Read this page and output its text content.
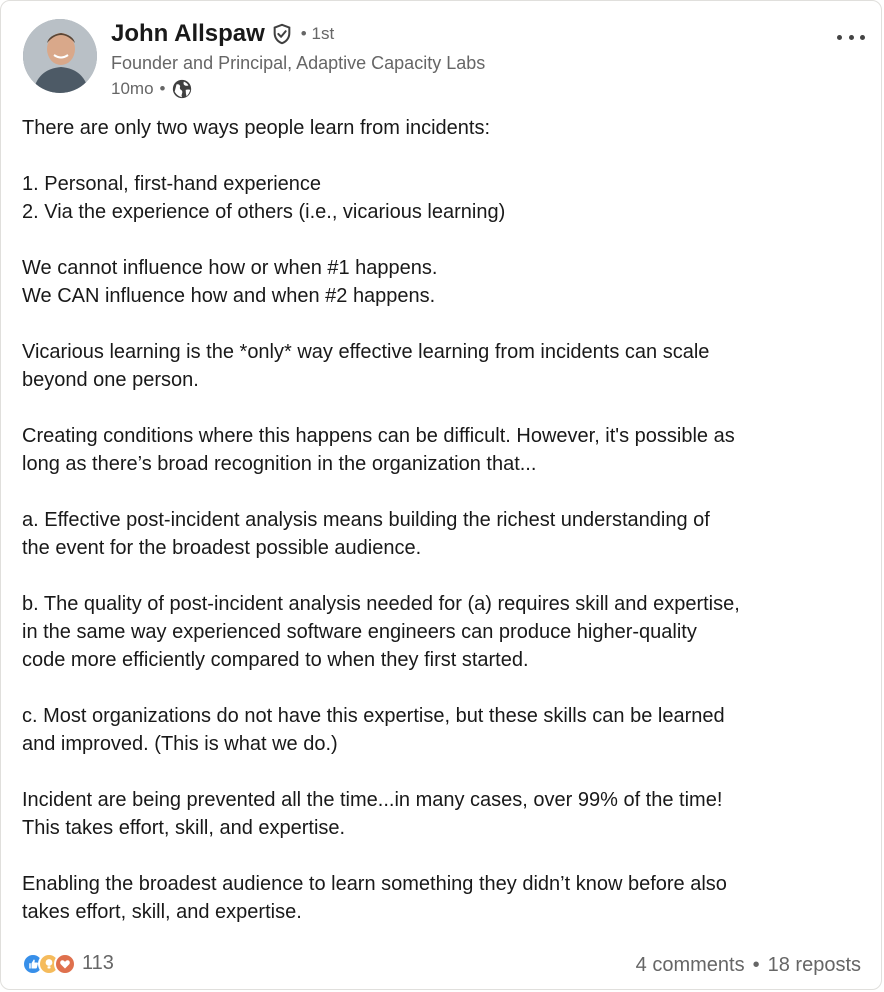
John Allspaw • 1st
Founder and Principal, Adaptive Capacity Labs
10mo •

There are only two ways people learn from incidents:

1. Personal, first-hand experience
2. Via the experience of others (i.e., vicarious learning)

We cannot influence how or when #1 happens.
We CAN influence how and when #2 happens.

Vicarious learning is the *only* way effective learning from incidents can scale
beyond one person.

Creating conditions where this happens can be difficult. However, it's possible as
long as there’s broad recognition in the organization that...

a. Effective post-incident analysis means building the richest understanding of
the event for the broadest possible audience.

b. The quality of post-incident analysis needed for (a) requires skill and expertise,
in the same way experienced software engineers can produce higher-quality
code more efficiently compared to when they first started.

c. Most organizations do not have this expertise, but these skills can be learned
and improved. (This is what we do.)

Incident are being prevented all the time...in many cases, over 99% of the time!
This takes effort, skill, and expertise.

Enabling the broadest audience to learn something they didn’t know before also
takes effort, skill, and expertise.

113	4 comments • 18 reposts
